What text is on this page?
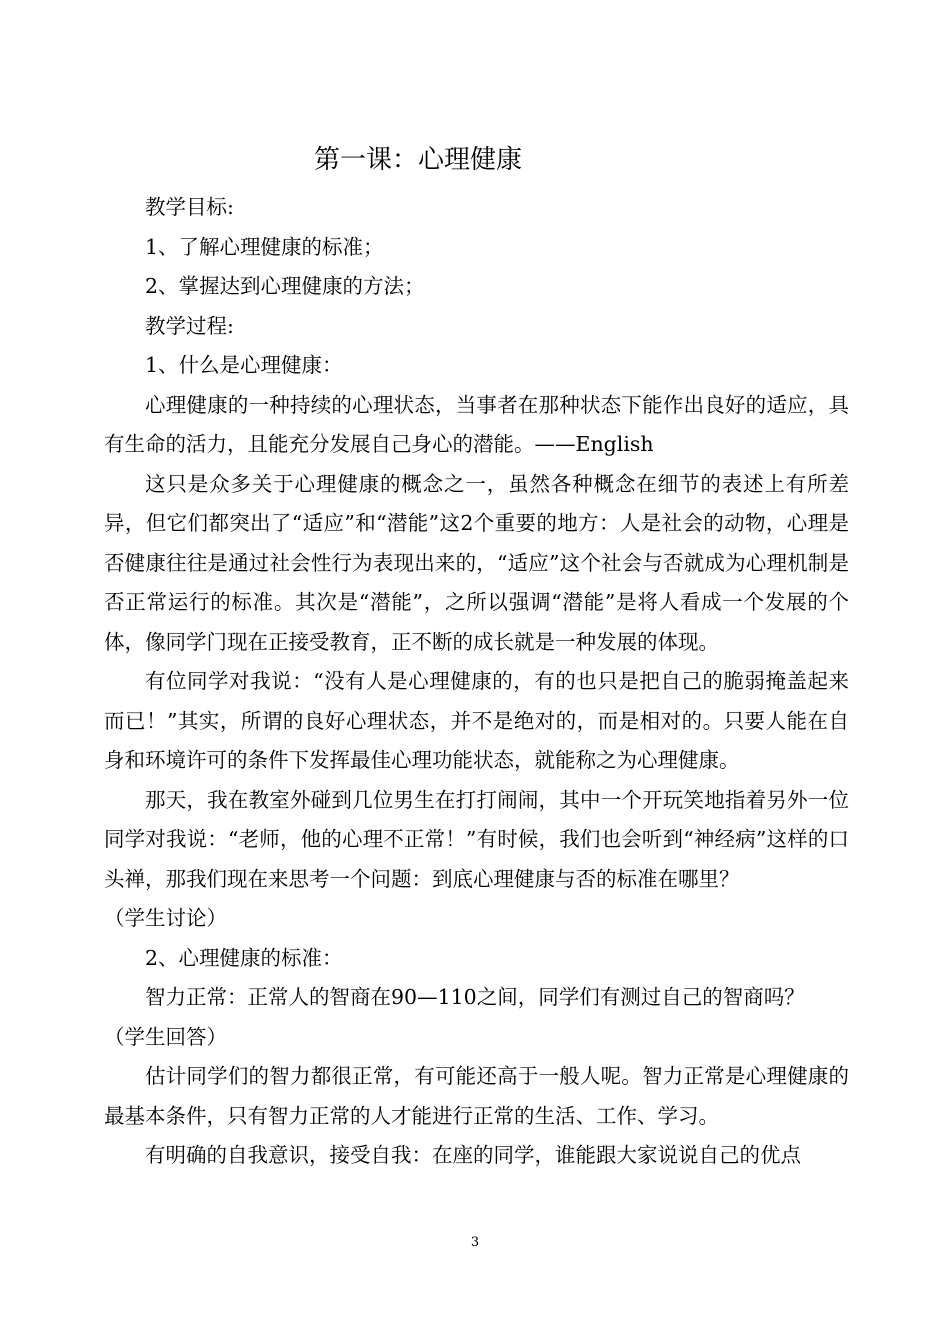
第一课：心理健康

教学目标:

1、了解心理健康的标准；

2、掌握达到心理健康的方法；

教学过程:

1、什么是心理健康：

心理健康的一种持续的心理状态，当事者在那种状态下能作出良好的适应，具有生命的活力，且能充分发展自己身心的潜能。——English

这只是众多关于心理健康的概念之一，虽然各种概念在细节的表述上有所差异，但它们都突出了“适应”和“潜能”这2个重要的地方：人是社会的动物，心理是否健康往往是通过社会性行为表现出来的，“适应”这个社会与否就成为心理机制是否正常运行的标准。其次是“潜能”，之所以强调“潜能”是将人看成一个发展的个体，像同学门现在正接受教育，正不断的成长就是一种发展的体现。

有位同学对我说：“没有人是心理健康的，有的也只是把自己的脆弱掩盖起来而已！”其实，所谓的良好心理状态，并不是绝对的，而是相对的。只要人能在自身和环境许可的条件下发挥最佳心理功能状态，就能称之为心理健康。

那天，我在教室外碰到几位男生在打打闹闹，其中一个开玩笑地指着另外一位同学对我说：“老师，他的心理不正常！”有时候，我们也会听到“神经病”这样的口头禅，那我们现在来思考一个问题：到底心理健康与否的标准在哪里？

（学生讨论）

2、心理健康的标准：

智力正常：正常人的智商在90—110之间，同学们有测过自己的智商吗？

（学生回答）

估计同学们的智力都很正常，有可能还高于一般人呢。智力正常是心理健康的最基本条件，只有智力正常的人才能进行正常的生活、工作、学习。

有明确的自我意识，接受自我：在座的同学，谁能跟大家说说自己的优点

3
